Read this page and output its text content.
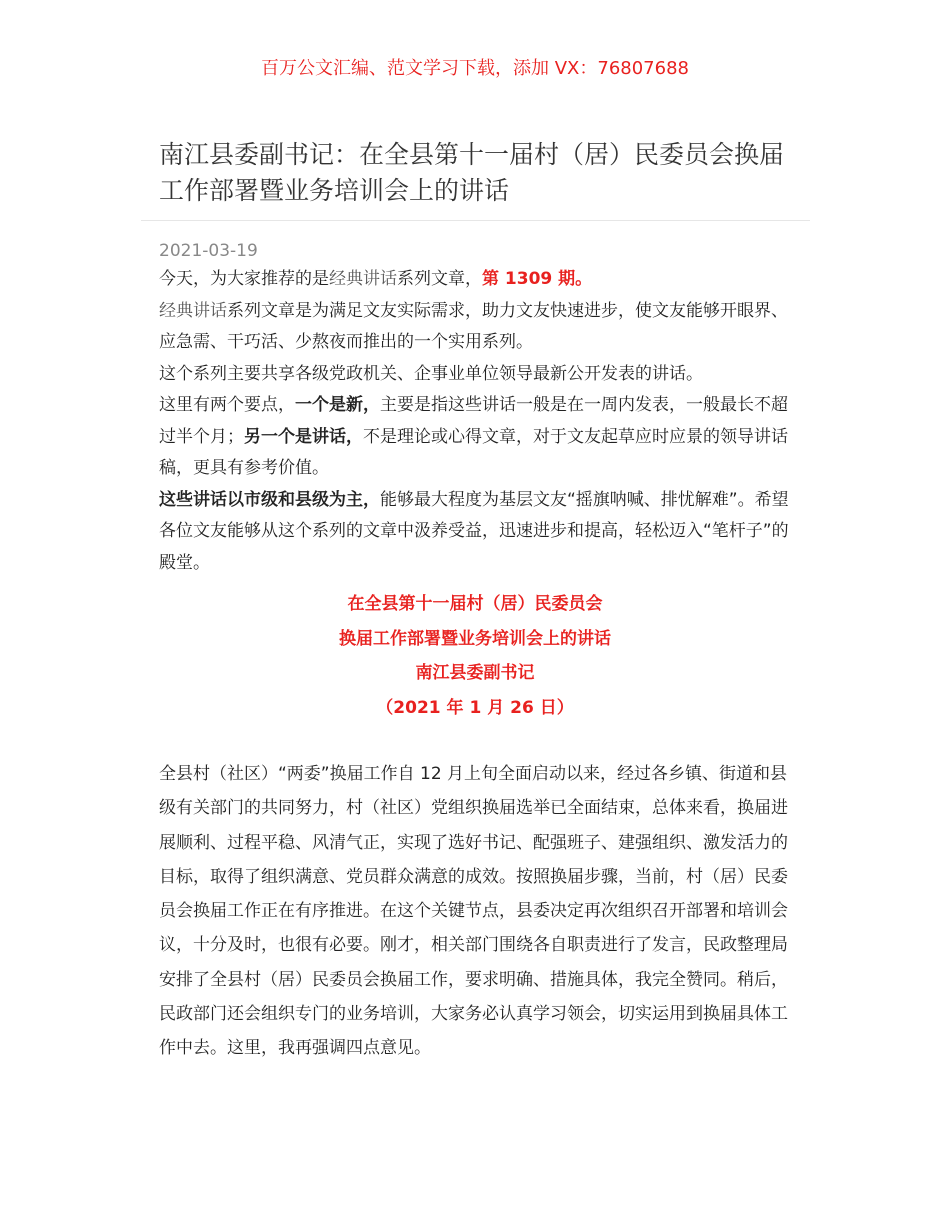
百万公文汇编、范文学习下载，添加 VX：76807688
南江县委副书记：在全县第十一届村（居）民委员会换届工作部署暨业务培训会上的讲话
2021-03-19

今天，为大家推荐的是经典讲话系列文章，第 1309 期。

经典讲话系列文章是为满足文友实际需求，助力文友快速进步，使文友能够开眼界、应急需、干巧活、少熬夜而推出的一个实用系列。

这个系列主要共享各级党政机关、企事业单位领导最新公开发表的讲话。

这里有两个要点，一个是新，主要是指这些讲话一般是在一周内发表，一般最长不超过半个月；另一个是讲话，不是理论或心得文章，对于文友起草应时应景的领导讲话稿，更具有参考价值。

这些讲话以市级和县级为主，能够最大程度为基层文友“摇旗呐喊、排忧解难”。希望各位文友能够从这个系列的文章中汲养受益，迅速进步和提高，轻松迈入“笔杆子”的殿堂。

在全县第十一届村（居）民委员会
换届工作部署暨业务培训会上的讲话
南江县委副书记
（2021 年 1 月 26 日）

全县村（社区）“两委”换届工作自 12 月上旬全面启动以来，经过各乡镇、街道和县级有关部门的共同努力，村（社区）党组织换届选举已全面结束，总体来看，换届进展顺利、过程平稳、风清气正，实现了选好书记、配强班子、建强组织、激发活力的目标，取得了组织满意、党员群众满意的成效。按照换届步骤，当前，村（居）民委员会换届工作正在有序推进。在这个关键节点，县委决定再次组织召开部署和培训会议，十分及时，也很有必要。刚才，相关部门围绕各自职责进行了发言，民政整理局安排了全县村（居）民委员会换届工作，要求明确、措施具体，我完全赞同。稍后，民政部门还会组织专门的业务培训，大家务必认真学习领会，切实运用到换届具体工作中去。这里，我再强调四点意见。
